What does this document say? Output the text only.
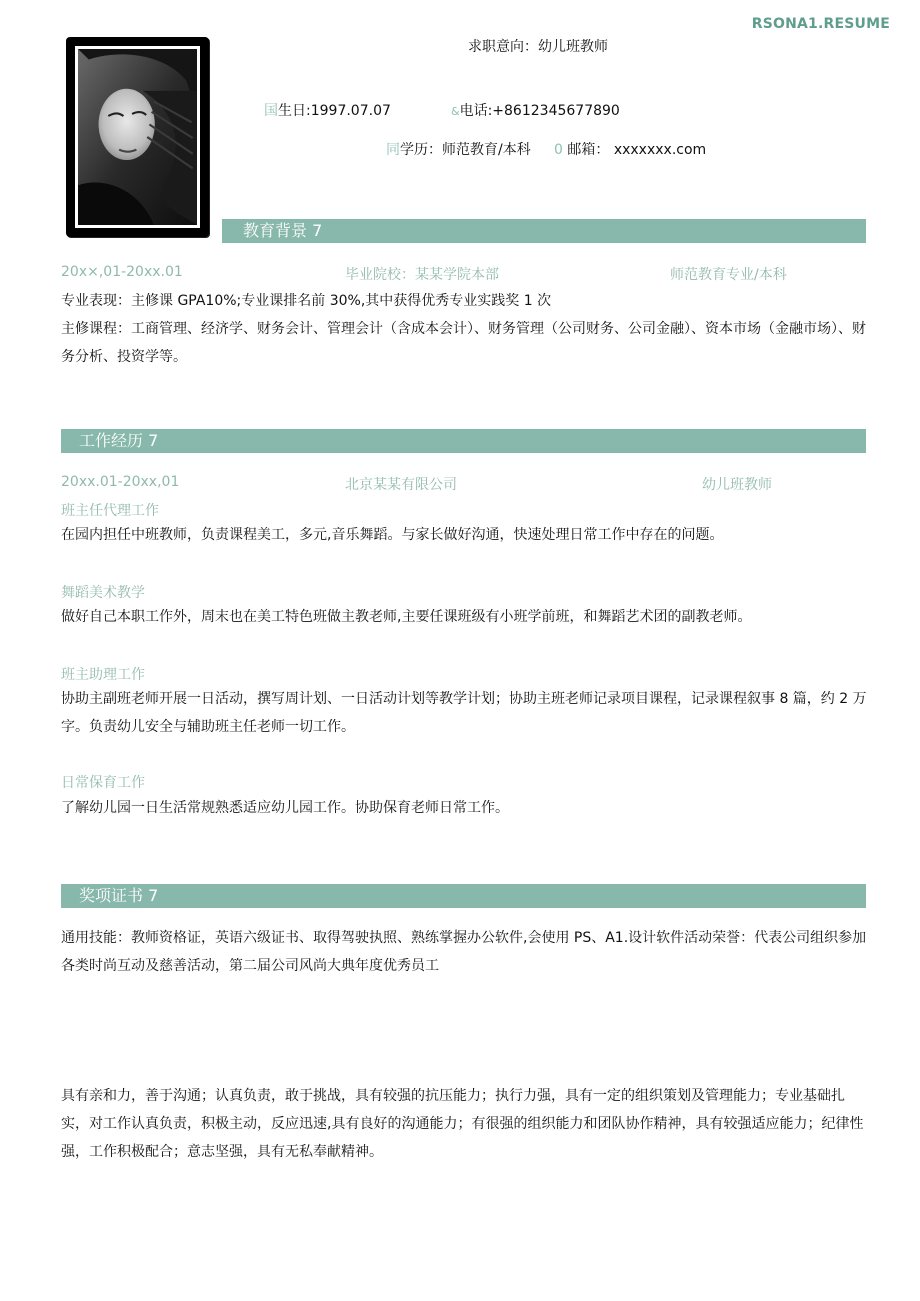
RSONA1.RESUME
求职意向：幼儿班教师
国生日:1997.07.07	&电话:+8612345677890
同学历：师范教育/本科 0 邮箱： xxxxxxx.com
教育背景 7
20x×,01-20xx.01	毕业院校：某某学院本部	师范教育专业/本科
专业表现：主修课 GPA10%;专业课排名前 30%,其中获得优秀专业实践奖 1 次
主修课程：工商管理、经济学、财务会计、管理会计（含成本会计）、财务管理（公司财务、公司金融）、资本市场（金融市场）、财务分析、投资学等。
工作经历 7
20xx.01-20xx,01	北京某某有限公司	幼儿班教师
班主任代理工作
在园内担任中班教师，负责课程美工，多元,音乐舞蹈。与家长做好沟通，快速处理日常工作中存在的问题。
舞蹈美术教学
做好自己本职工作外，周末也在美工特色班做主教老师,主要任课班级有小班学前班，和舞蹈艺术团的副教老师。
班主助理工作
协助主副班老师开展一日活动，撰写周计划、一日活动计划等教学计划；协助主班老师记录项目课程，记录课程叙事 8 篇，约 2 万字。负责幼儿安全与辅助班主任老师一切工作。
日常保育工作
了解幼儿园一日生活常规熟悉适应幼儿园工作。协助保育老师日常工作。
奖项证书 7
通用技能：教师资格证，英语六级证书、取得驾驶执照、熟练掌握办公软件,会使用 PS、A1.设计软件活动荣誉：代表公司组织参加各类时尚互动及慈善活动，第二届公司风尚大典年度优秀员工
具有亲和力，善于沟通；认真负责，敢于挑战，具有较强的抗压能力；执行力强，具有一定的组织策划及管理能力；专业基础扎实，对工作认真负责，积极主动，反应迅速,具有良好的沟通能力；有很强的组织能力和团队协作精神，具有较强适应能力；纪律性强，工作积极配合；意志坚强，具有无私奉献精神。
